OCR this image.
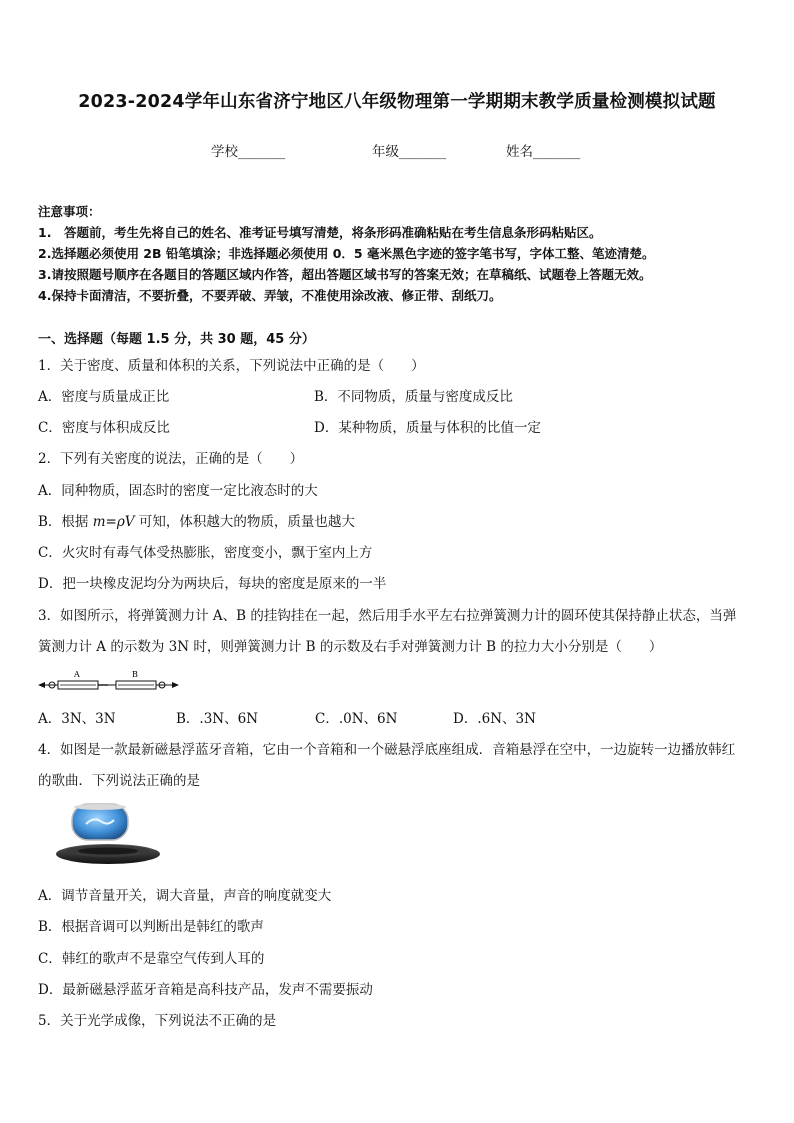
2023-2024学年山东省济宁地区八年级物理第一学期期末教学质量检测模拟试题
学校_______	年级_______	姓名_______
注意事项：
1.　答题前，考生先将自己的姓名、准考证号填写清楚，将条形码准确粘贴在考生信息条形码粘贴区。
2.选择题必须使用 2B 铅笔填涂；非选择题必须使用 0．5 毫米黑色字迹的签字笔书写，字体工整、笔迹清楚。
3.请按照题号顺序在各题目的答题区域内作答，超出答题区域书写的答案无效；在草稿纸、试题卷上答题无效。
4.保持卡面清洁，不要折叠，不要弄破、弄皱，不准使用涂改液、修正带、刮纸刀。
一、选择题（每题 1.5 分，共 30 题，45 分）
1．关于密度、质量和体积的关系，下列说法中正确的是（　　）
A．密度与质量成正比	B．不同物质，质量与密度成反比
C．密度与体积成反比	D．某种物质，质量与体积的比值一定
2．下列有关密度的说法，正确的是（　　）
A．同种物质，固态时的密度一定比液态时的大
B．根据 m=ρV 可知，体积越大的物质，质量也越大
C．火灾时有毒气体受热膨胀，密度变小，飘于室内上方
D．把一块橡皮泥均分为两块后，每块的密度是原来的一半
3．如图所示，将弹簧测力计 A、B 的挂钩挂在一起，然后用手水平左右拉弹簧测力计的圆环使其保持静止状态，当弹
簧测力计 A 的示数为 3N 时，则弹簧测力计 B 的示数及右手对弹簧测力计 B 的拉力大小分别是（　　）
A	B
A．3N、3N	B．.3N、6N	C．.0N、6N	D．.6N、3N
4．如图是一款最新磁悬浮蓝牙音箱，它由一个音箱和一个磁悬浮底座组成．音箱悬浮在空中，一边旋转一边播放韩红
的歌曲．下列说法正确的是
A．调节音量开关，调大音量，声音的响度就变大
B．根据音调可以判断出是韩红的歌声
C．韩红的歌声不是靠空气传到人耳的
D．最新磁悬浮蓝牙音箱是高科技产品，发声不需要振动
5．关于光学成像，下列说法不正确的是
